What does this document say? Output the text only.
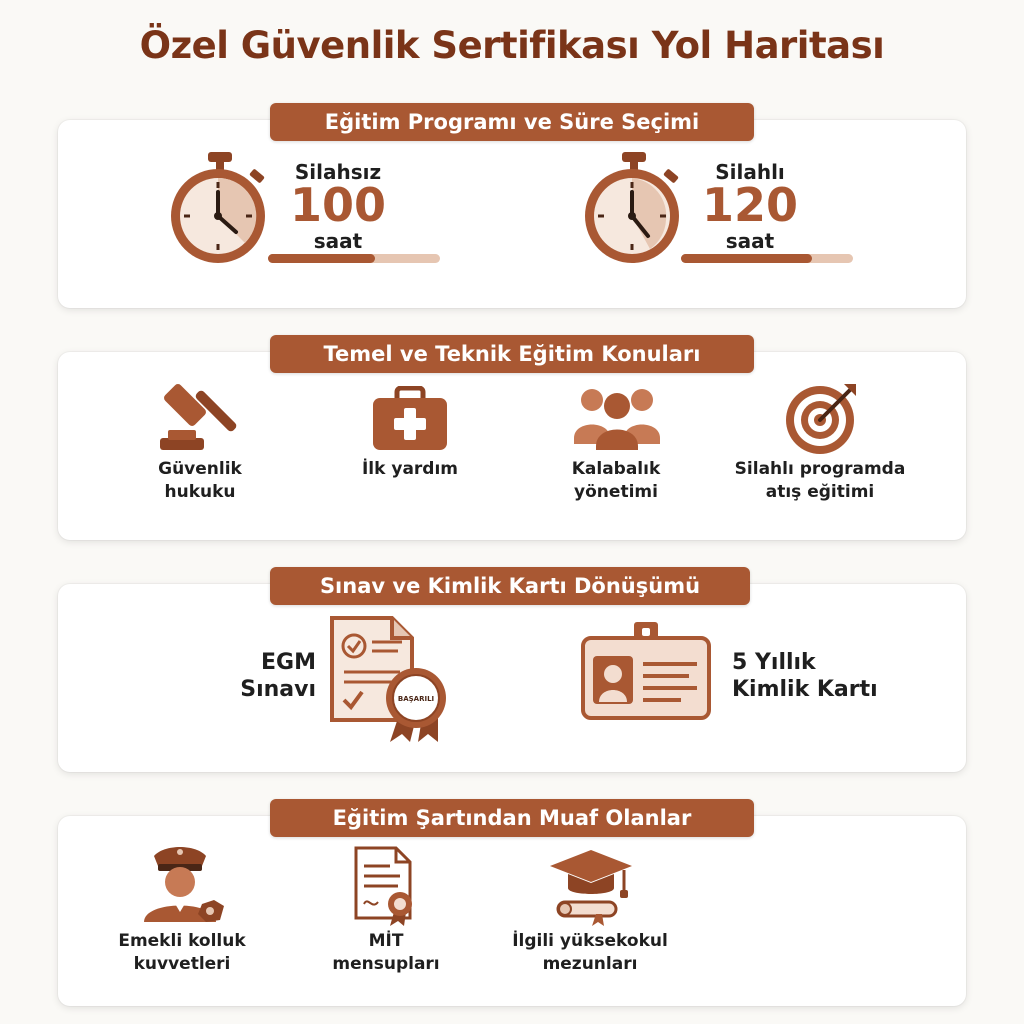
Özel Güvenlik Sertifikası Yol Haritası
Eğitim Programı ve Süre Seçimi
Silahsız
100
saat
Silahlı
120
saat
Temel ve Teknik Eğitim Konuları
Güvenlik
hukuku
İlk yardım	Kalabalık
yönetimi
Silahlı programda
atış eğitimi
Sınav ve Kimlik Kartı Dönüşümü
EGM
Sınavı	BAŞARILI
5 Yıllık
Kimlik Kartı
Eğitim Şartından Muaf Olanlar
Emekli kolluk
kuvvetleri
MİT
mensupları
İlgili yüksekokul
mezunları
